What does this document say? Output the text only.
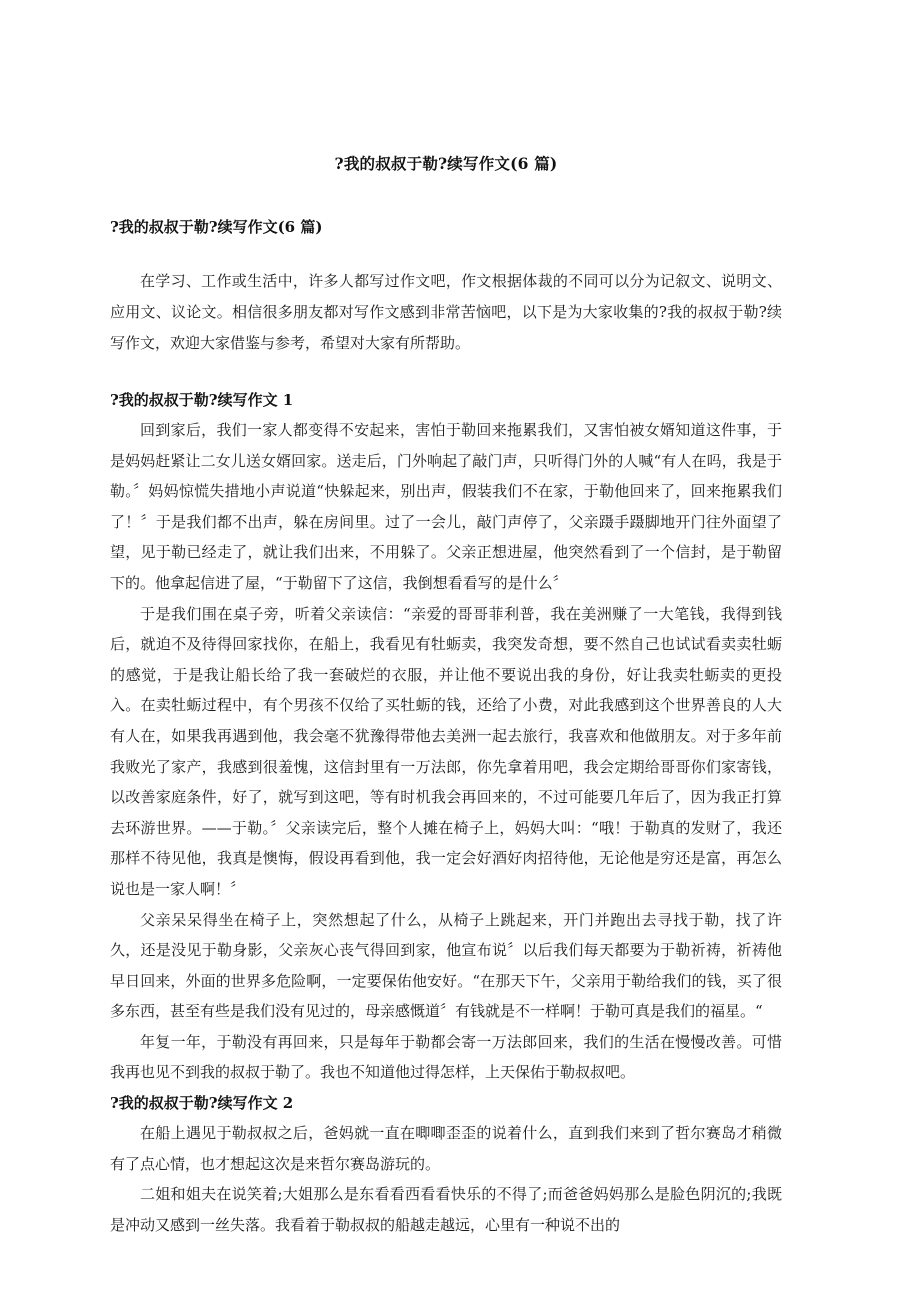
?我的叔叔于勒?续写作文(6 篇)
?我的叔叔于勒?续写作文(6 篇)

在学习、工作或生活中，许多人都写过作文吧，作文根据体裁的不同可以分为记叙文、说明文、应用文、议论文。相信很多朋友都对写作文感到非常苦恼吧，以下是为大家收集的?我的叔叔于勒?续写作文，欢迎大家借鉴与参考，希望对大家有所帮助。

?我的叔叔于勒?续写作文 1

回到家后，我们一家人都变得不安起来，害怕于勒回来拖累我们，又害怕被女婿知道这件事，于是妈妈赶紧让二女儿送女婿回家。送走后，门外响起了敲门声，只听得门外的人喊“有人在吗，我是于勒。〞妈妈惊慌失措地小声说道“快躲起来，别出声，假装我们不在家，于勒他回来了，回来拖累我们了！〞于是我们都不出声，躲在房间里。过了一会儿，敲门声停了，父亲蹑手蹑脚地开门往外面望了望，见于勒已经走了，就让我们出来，不用躲了。父亲正想进屋，他突然看到了一个信封，是于勒留下的。他拿起信进了屋，“于勒留下了这信，我倒想看看写的是什么〞

于是我们围在桌子旁，听着父亲读信：“亲爱的哥哥菲利普，我在美洲赚了一大笔钱，我得到钱后，就迫不及待得回家找你，在船上，我看见有牡蛎卖，我突发奇想，要不然自己也试试看卖卖牡蛎的感觉，于是我让船长给了我一套破烂的衣服，并让他不要说出我的身份，好让我卖牡蛎卖的更投入。在卖牡蛎过程中，有个男孩不仅给了买牡蛎的钱，还给了小费，对此我感到这个世界善良的人大有人在，如果我再遇到他，我会毫不犹豫得带他去美洲一起去旅行，我喜欢和他做朋友。对于多年前我败光了家产，我感到很羞愧，这信封里有一万法郎，你先拿着用吧，我会定期给哥哥你们家寄钱，以改善家庭条件，好了，就写到这吧，等有时机我会再回来的，不过可能要几年后了，因为我正打算去环游世界。——于勒。〞父亲读完后，整个人摊在椅子上，妈妈大叫：“哦！于勒真的发财了，我还那样不待见他，我真是懊悔，假设再看到他，我一定会好酒好肉招待他，无论他是穷还是富，再怎么说也是一家人啊！〞

父亲呆呆得坐在椅子上，突然想起了什么，从椅子上跳起来，开门并跑出去寻找于勒，找了许久，还是没见于勒身影，父亲灰心丧气得回到家，他宣布说〞以后我们每天都要为于勒祈祷，祈祷他早日回来，外面的世界多危险啊，一定要保佑他安好。“在那天下午，父亲用于勒给我们的钱，买了很多东西，甚至有些是我们没有见过的，母亲感慨道〞有钱就是不一样啊！于勒可真是我们的福星。“

年复一年，于勒没有再回来，只是每年于勒都会寄一万法郎回来，我们的生活在慢慢改善。可惜我再也见不到我的叔叔于勒了。我也不知道他过得怎样，上天保佑于勒叔叔吧。

?我的叔叔于勒?续写作文 2

在船上遇见于勒叔叔之后，爸妈就一直在唧唧歪歪的说着什么，直到我们来到了哲尔赛岛才稍微有了点心情，也才想起这次是来哲尔赛岛游玩的。

二姐和姐夫在说笑着;大姐那么是东看看西看看快乐的不得了;而爸爸妈妈那么是脸色阴沉的;我既是冲动又感到一丝失落。我看着于勒叔叔的船越走越远，心里有一种说不出的
